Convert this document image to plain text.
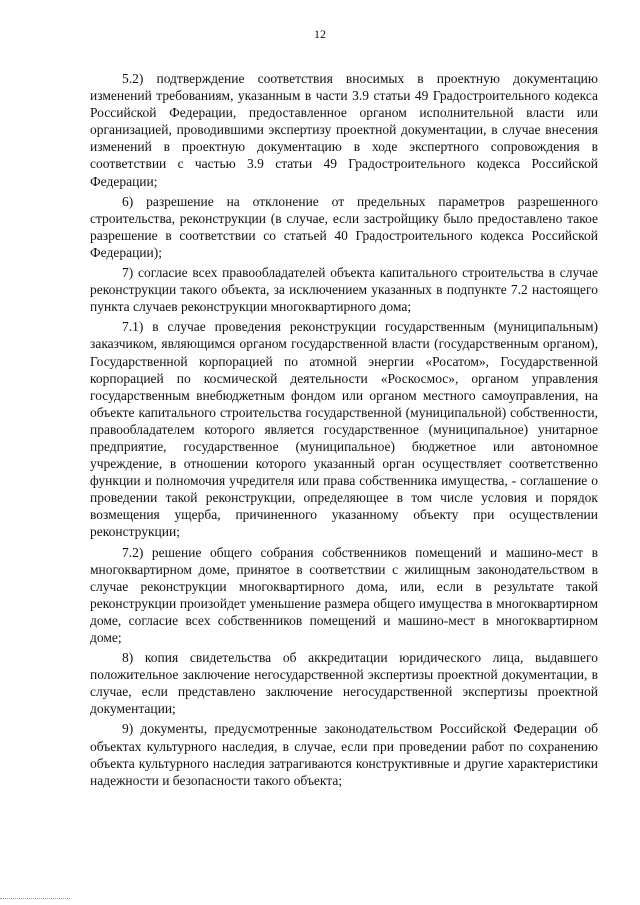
12

5.2) подтверждение соответствия вносимых в проектную документацию изменений требованиям, указанным в части 3.9 статьи 49 Градостроительного кодекса Российской Федерации, предоставленное органом исполнительной власти или организацией, проводившими экспертизу проектной документации, в случае внесения изменений в проектную документацию в ходе экспертного сопровождения в соответствии с частью 3.9 статьи 49 Градостроительного кодекса Российской Федерации;

6) разрешение на отклонение от предельных параметров разрешенного строительства, реконструкции (в случае, если застройщику было предоставлено такое разрешение в соответствии со статьей 40 Градостроительного кодекса Российской Федерации);

7) согласие всех правообладателей объекта капитального строительства в случае реконструкции такого объекта, за исключением указанных в подпункте 7.2 настоящего пункта случаев реконструкции многоквартирного дома;

7.1) в случае проведения реконструкции государственным (муниципальным) заказчиком, являющимся органом государственной власти (государственным органом), Государственной корпорацией по атомной энергии «Росатом», Государственной корпорацией по космической деятельности «Роскосмос», органом управления государственным внебюджетным фондом или органом местного самоуправления, на объекте капитального строительства государственной (муниципальной) собственности, правообладателем которого является государственное (муниципальное) унитарное предприятие, государственное (муниципальное) бюджетное или автономное учреждение, в отношении которого указанный орган осуществляет соответственно функции и полномочия учредителя или права собственника имущества, - соглашение о проведении такой реконструкции, определяющее в том числе условия и порядок возмещения ущерба, причиненного указанному объекту при осуществлении реконструкции;

7.2) решение общего собрания собственников помещений и машино-мест в многоквартирном доме, принятое в соответствии с жилищным законодательством в случае реконструкции многоквартирного дома, или, если в результате такой реконструкции произойдет уменьшение размера общего имущества в многоквартирном доме, согласие всех собственников помещений и машино-мест в многоквартирном доме;

8) копия свидетельства об аккредитации юридического лица, выдавшего положительное заключение негосударственной экспертизы проектной документации, в случае, если представлено заключение негосударственной экспертизы проектной документации;

9) документы, предусмотренные законодательством Российской Федерации об объектах культурного наследия, в случае, если при проведении работ по сохранению объекта культурного наследия затрагиваются конструктивные и другие характеристики надежности и безопасности такого объекта;
